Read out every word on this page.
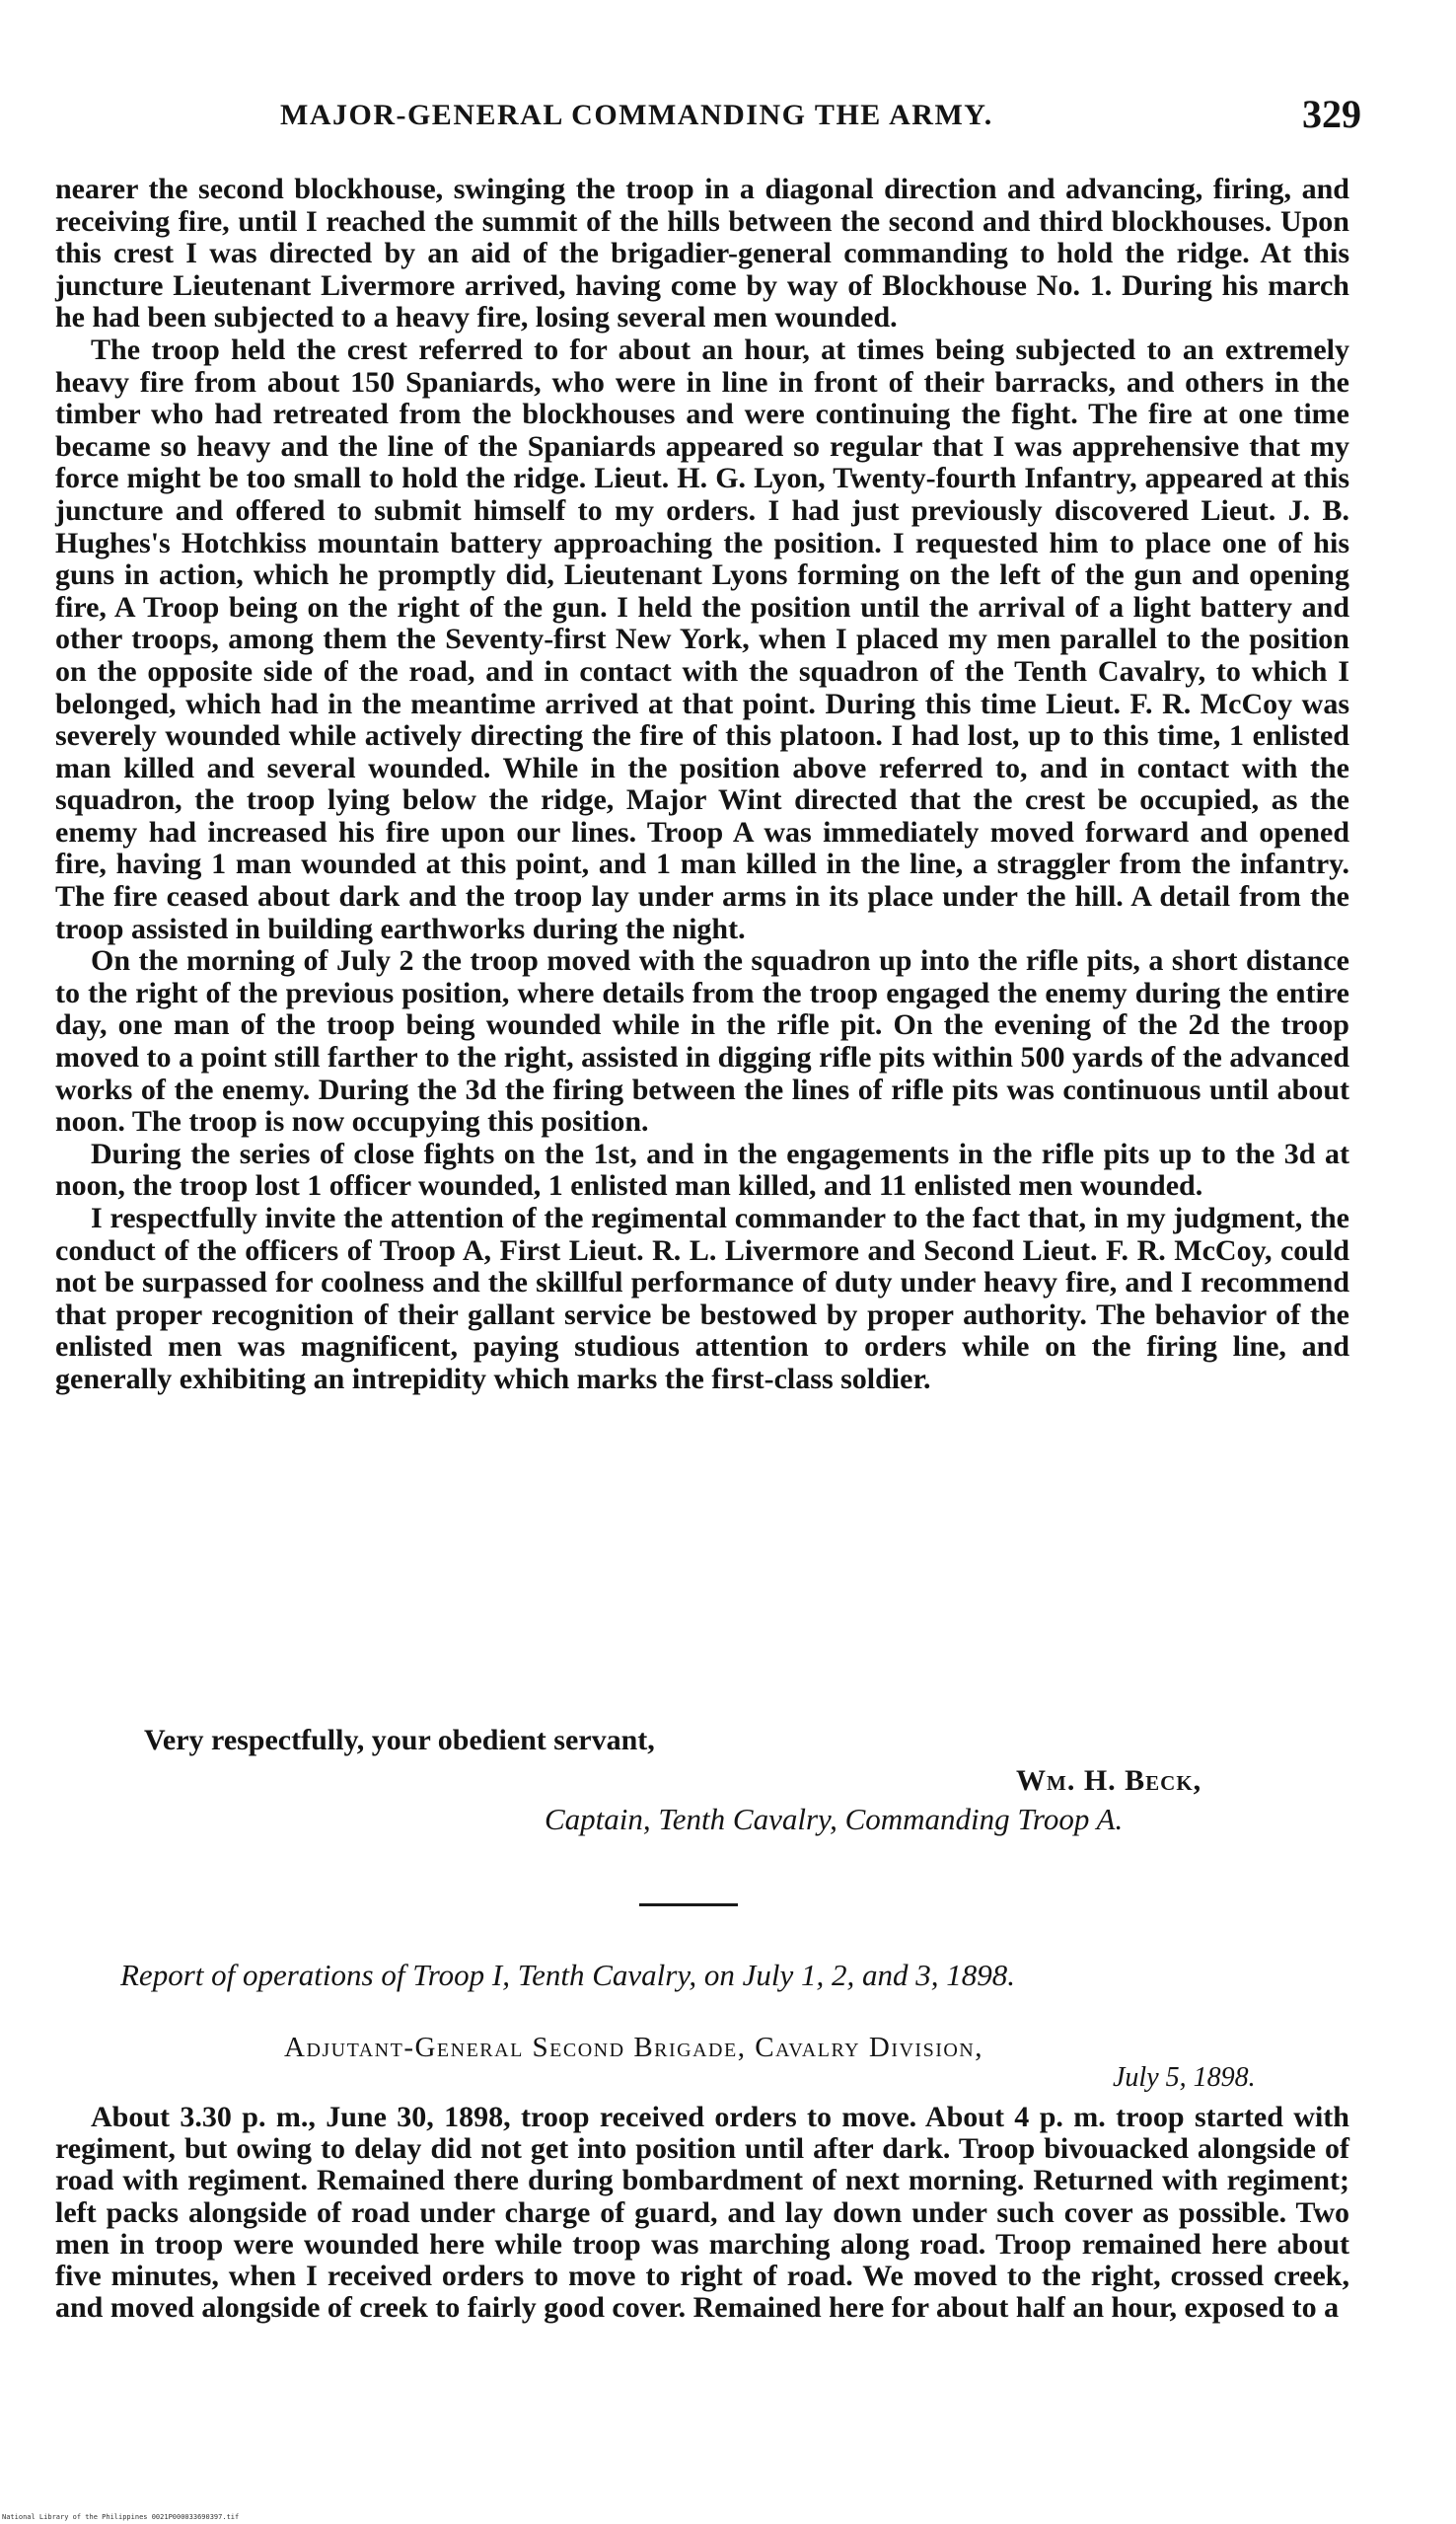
MAJOR-GENERAL COMMANDING THE ARMY.	329

nearer the second blockhouse, swinging the troop in a diagonal direction and advancing, firing, and receiving fire, until I reached the summit of the hills between the second and third blockhouses. Upon this crest I was directed by an aid of the brigadier-general commanding to hold the ridge. At this juncture Lieutenant Livermore arrived, having come by way of Blockhouse No. 1. During his march he had been subjected to a heavy fire, losing several men wounded.

The troop held the crest referred to for about an hour, at times being subjected to an extremely heavy fire from about 150 Spaniards, who were in line in front of their barracks, and others in the timber who had retreated from the blockhouses and were continuing the fight. The fire at one time became so heavy and the line of the Spaniards appeared so regular that I was apprehensive that my force might be too small to hold the ridge. Lieut. H. G. Lyon, Twenty-fourth Infantry, appeared at this juncture and offered to submit himself to my orders. I had just previously discovered Lieut. J. B. Hughes's Hotchkiss mountain battery approaching the position. I requested him to place one of his guns in action, which he promptly did, Lieutenant Lyons forming on the left of the gun and opening fire, A Troop being on the right of the gun. I held the position until the arrival of a light battery and other troops, among them the Seventy-first New York, when I placed my men parallel to the position on the opposite side of the road, and in contact with the squadron of the Tenth Cavalry, to which I belonged, which had in the meantime arrived at that point. During this time Lieut. F. R. McCoy was severely wounded while actively directing the fire of this platoon. I had lost, up to this time, 1 enlisted man killed and several wounded. While in the position above referred to, and in contact with the squadron, the troop lying below the ridge, Major Wint directed that the crest be occupied, as the enemy had increased his fire upon our lines. Troop A was immediately moved forward and opened fire, having 1 man wounded at this point, and 1 man killed in the line, a straggler from the infantry. The fire ceased about dark and the troop lay under arms in its place under the hill. A detail from the troop assisted in building earthworks during the night.

On the morning of July 2 the troop moved with the squadron up into the rifle pits, a short distance to the right of the previous position, where details from the troop engaged the enemy during the entire day, one man of the troop being wounded while in the rifle pit. On the evening of the 2d the troop moved to a point still farther to the right, assisted in digging rifle pits within 500 yards of the advanced works of the enemy. During the 3d the firing between the lines of rifle pits was continuous until about noon. The troop is now occupying this position.

During the series of close fights on the 1st, and in the engagements in the rifle pits up to the 3d at noon, the troop lost 1 officer wounded, 1 enlisted man killed, and 11 enlisted men wounded.

I respectfully invite the attention of the regimental commander to the fact that, in my judgment, the conduct of the officers of Troop A, First Lieut. R. L. Livermore and Second Lieut. F. R. McCoy, could not be surpassed for coolness and the skillful performance of duty under heavy fire, and I recommend that proper recognition of their gallant service be bestowed by proper authority. The behavior of the enlisted men was magnificent, paying studious attention to orders while on the firing line, and generally exhibiting an intrepidity which marks the first-class soldier.

Very respectfully, your obedient servant,
Wm. H. Beck,
Captain, Tenth Cavalry, Commanding Troop A.
Report of operations of Troop I, Tenth Cavalry, on July 1, 2, and 3, 1898.
Adjutant-General Second Brigade, Cavalry Division,
July 5, 1898.

About 3.30 p. m., June 30, 1898, troop received orders to move. About 4 p. m. troop started with regiment, but owing to delay did not get into position until after dark. Troop bivouacked alongside of road with regiment. Remained there during bombardment of next morning. Returned with regiment; left packs alongside of road under charge of guard, and lay down under such cover as possible. Two men in troop were wounded here while troop was marching along road. Troop remained here about five minutes, when I received orders to move to right of road. We moved to the right, crossed creek, and moved alongside of creek to fairly good cover. Remained here for about half an hour, exposed to a

National Library of the Philippines 0021P000033690397.tif
